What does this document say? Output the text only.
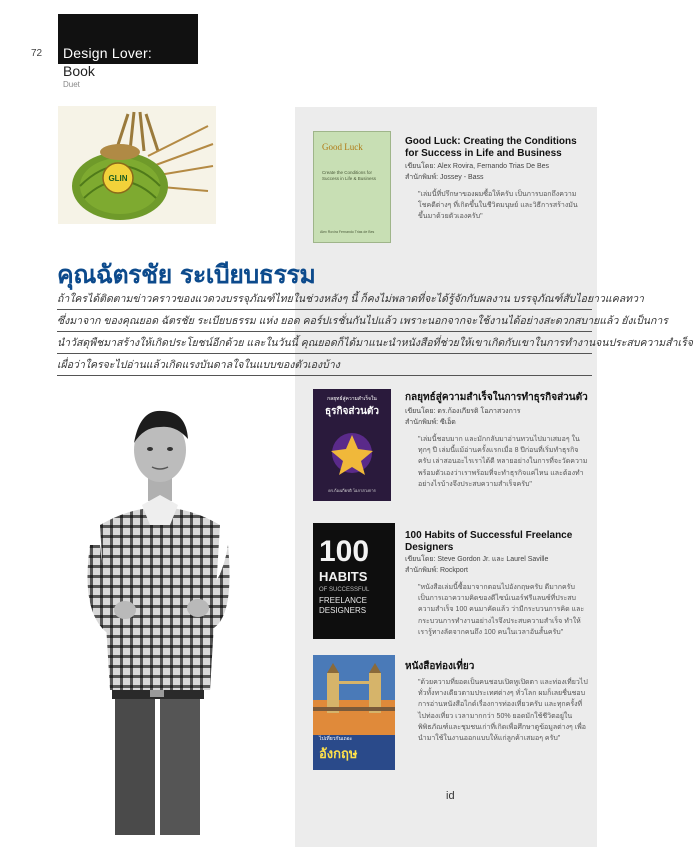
72 Design Lover:
Book
Duet
GLIN
Good Luck
Create the Conditions for Success in Life & Business
Alex Rovira Fernando Trias de Bes
Good Luck: Creating the Conditions for Success in Life and Business
เขียนโดย: Alex Rovira, Fernando Trias De Bes
สำนักพิมพ์: Jossey - Bass
"เล่มนี้ที่ปรึกษาของผมซื้อให้ครับ เป็นการบอกถึงความโชคดีต่างๆ ที่เกิดขึ้นในชีวิตมนุษย์ และวิธีการสร้างมันขึ้นมาด้วยตัวเองครับ"
คุณฉัตรชัย ระเบียบธรรม
ถ้าใครได้ติดตามข่าวคราวของแวดวงบรรจุภัณฑ์ไทยในช่วงหลังๆ นี้ ก็คงไม่พลาดที่จะได้รู้จักกับผลงาน บรรจุภัณฑ์สับไอยาวแคลทวา
ซึ่งมาจาก ของคุณยอด ฉัตรชัย ระเบียบธรรม แห่ง ยอด คอร์ปเรชั่นกันไปแล้ว เพราะนอกจากจะใช้งานได้อย่างสะดวกสบายแล้ว ยังเป็นการ
นำวัสดุพืชมาสร้างให้เกิดประโยชน์อีกด้วย และในวันนี้ คุณยอดก็ได้มาแนะนำหนังสือที่ช่วยให้เขาเกิดกับเขาในการทำงานจนประสบความสำเร็จ
เผื่อว่าใครจะไปอ่านแล้วเกิดแรงบันดาลใจในแบบของตัวเองบ้าง
กลยุทธ์สู่ความสำเร็จใน
ธุรกิจส่วนตัว
ดร.ก้องเกียรติ โอภาสวงการ
กลยุทธ์สู่ความสำเร็จในการทำธุรกิจส่วนตัว
เขียนโดย: ดร.ก้องเกียรติ โอภาสวงการ
สำนักพิมพ์: ซีเอ็ด
"เล่มนี้ชอบมาก และมักกลับมาอ่านทวนไปมาเสมอๆ ในทุกๆ ปี เล่มนี้แม้อ่านครั้งแรกเมื่อ 8 ปีก่อนที่เริ่มทำธุรกิจครับ เล่าสอนอะไรเราได้ดี หลายอย่างในการที่จะวัดความพร้อมตัวเองว่าเราพร้อมที่จะทำธุรกิจแค่ไหน และต้องทำอย่างไรบ้างจึงประสบความสำเร็จครับ"
100
HABITS
OF SUCCESSFUL
FREELANCE
DESIGNERS
100 Habits of Successful Freelance Designers
เขียนโดย: Steve Gordon Jr. และ Laurel Saville
สำนักพิมพ์: Rockport
"หนังสือเล่มนี้ซื้อมาจากตอนไปอังกฤษครับ ดีมากครับ เป็นการเอาความคิดของดีไซน์เนอร์ฟรีแลนซ์ที่ประสบความสำเร็จ 100 คนมาคัดแล้ว ว่ามีกระบวนการคิด และกระบวนการทำงานอย่างไรจึงประสบความสำเร็จ ทำให้เรารู้ทางลัดจากคนถึง 100 คนในเวลาอันสั้นครับ"
ไปเที่ยวกันเถอะ
อังกฤษ
หนังสือท่องเที่ยว
"ด้วยความที่ยอดเป็นคนชอบเปิดหูเปิดตา และท่องเที่ยวไปทั่วทั้งทางเดียวตามประเทศต่างๆ ทั่วโลก ผมก็เลยชื่นชอบการอ่านหนังสือไกด์เรื่องการท่องเที่ยวครับ และทุกครั้งที่ไปท่องเที่ยว เวลามากกว่า 50% ยอดมักใช้ชีวิตอยู่ในพิพิธภัณฑ์และชุมชนเก่าที่เกิดเพื่อศึกษาดูข้อมูลต่างๆ เพื่อนำมาใช้ในงานออกแบบให้แก่ลูกค้าเสมอๆ ครับ"
id
